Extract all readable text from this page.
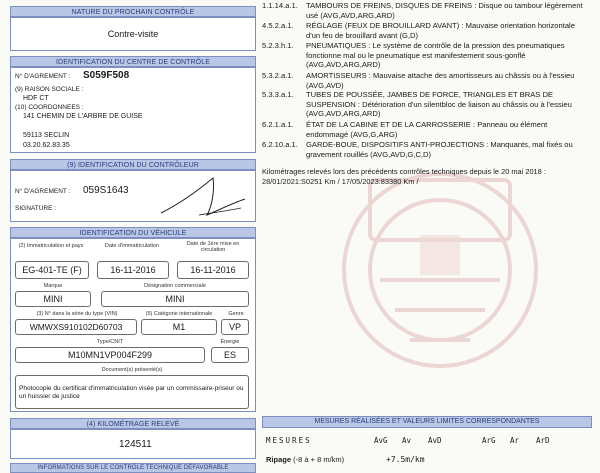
NATURE DU PROCHAIN CONTRÔLE
Contre-visite
IDENTIFICATION DU CENTRE DE CONTRÔLE
N° D'AGREMENT : S059F508
(9) RAISON SOCIALE :
HDF CT
(10) COORDONNEES :
141 CHEMIN DE L'ARBRE DE GUISE
59113 SECLIN
03.20.62.83.35
(9) IDENTIFICATION DU CONTRÔLEUR
N° D'AGREMENT : 059S1643
SIGNATURE :
IDENTIFICATION DU VÉHICULE
(2) Immatriculation et pays	Date d'immatriculation	Date de 1ère mise en circulation
EG-401-TE (F)	16-11-2016	16-11-2016
Marque	Désignation commerciale
MINI	MINI
(3) N° dans la série du type (VIN)	(5) Catégorie internationale	Genre
WMWXS910102D60703	M1	VP
Type/CNIT	Énergie
M10MN1VP004F299	ES
Document(s) présenté(s)
Photocopie du certificat d'immatriculation visée par un commissaire-priseur ou un huissier de justice
(4) KILOMÉTRAGE RELEVÉ
124511
INFORMATIONS SUR LE CONTRÔLE TECHNIQUE DÉFAVORABLE
1.1.14.a.1.	TAMBOURS DE FREINS, DISQUES DE FREINS : Disque ou tambour légèrement usé (AVG,AVD,ARG,ARD)
4.5.2.a.1.	RÉGLAGE (FEUX DE BROUILLARD AVANT) : Mauvaise orientation horizontale d'un feu de brouillard avant (G,D)
5.2.3.h.1.	PNEUMATIQUES : Le système de contrôle de la pression des pneumatiques fonctionne mal ou le pneumatique est manifestement sous-gonflé (AVG,AVD,ARG,ARD)
5.3.2.a.1.	AMORTISSEURS : Mauvaise attache des amortisseurs au châssis ou à l'essieu (AVG,AVD)
5.3.3.a.1.	TUBES DE POUSSÉE, JAMBES DE FORCE, TRIANGLES ET BRAS DE SUSPENSION : Détérioration d'un silentbloc de liaison au châssis ou à l'essieu (AVG,AVD,ARG,ARD)
6.2.1.a.1.	ÉTAT DE LA CABINE ET DE LA CARROSSERIE : Panneau ou élément endommagé (AVG,G,ARG)
6.2.10.a.1.	GARDE-BOUE, DISPOSITIFS ANTI-PROJECTIONS : Manquants, mal fixés ou gravement rouillés (AVG,AVD,G,C,D)
Kilométrages relevés lors des précédents contrôles techniques depuis le 20 mai 2018 :
28/01/2021:S0251 Km / 17/05/2023:83380 Km /
MESURES RÉALISÉES ET VALEURS LIMITES CORRESPONDANTES
MESURES	AvG Av AvD	ArG Ar ArD
Ripage (-8 à + 8 m/km)	+7.5m/km
